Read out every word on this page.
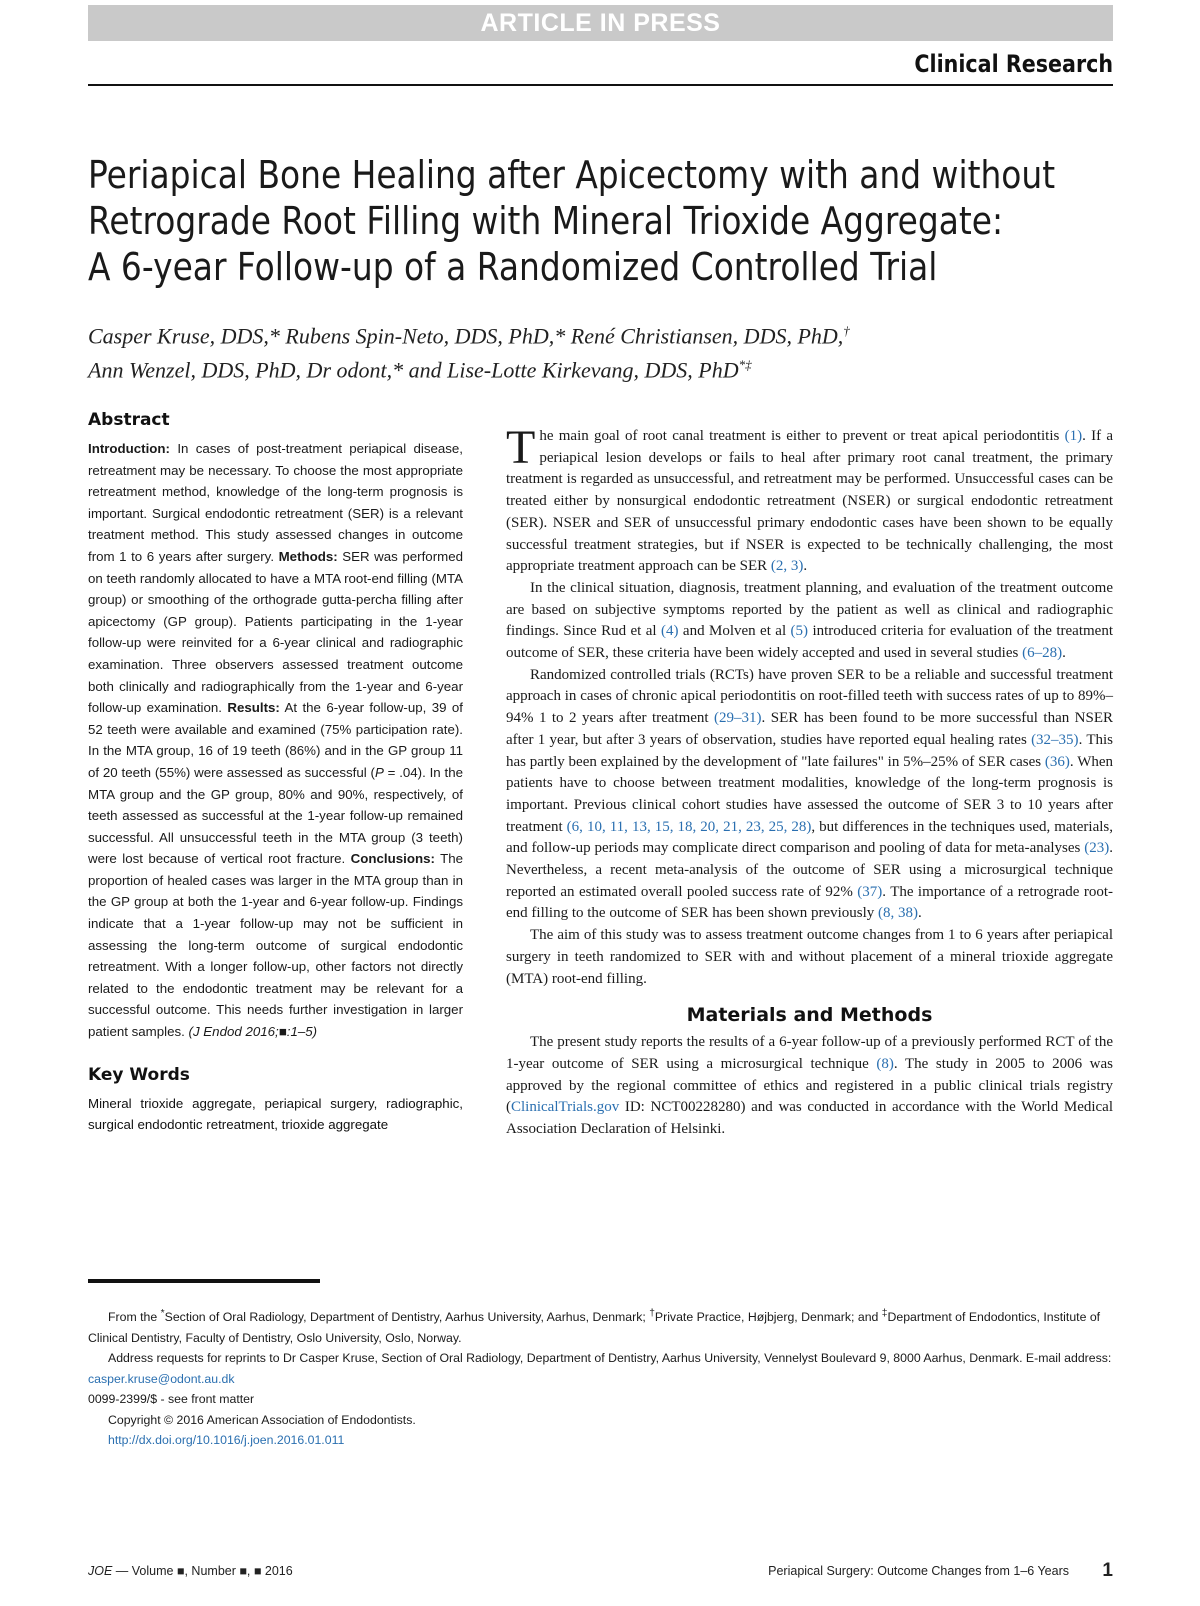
ARTICLE IN PRESS
Clinical Research
Periapical Bone Healing after Apicectomy with and without
Retrograde Root Filling with Mineral Trioxide Aggregate:
A 6-year Follow-up of a Randomized Controlled Trial
Casper Kruse, DDS,* Rubens Spin-Neto, DDS, PhD,* René Christiansen, DDS, PhD,†
Ann Wenzel, DDS, PhD, Dr odont,* and Lise-Lotte Kirkevang, DDS, PhD*‡
Abstract

Introduction: In cases of post-treatment periapical disease, retreatment may be necessary. To choose the most appropriate retreatment method, knowledge of the long-term prognosis is important. Surgical endodontic retreatment (SER) is a relevant treatment method. This study assessed changes in outcome from 1 to 6 years after surgery. Methods: SER was performed on teeth randomly allocated to have a MTA root-end filling (MTA group) or smoothing of the orthograde gutta-percha filling after apicectomy (GP group). Patients participating in the 1-year follow-up were reinvited for a 6-year clinical and radiographic examination. Three observers assessed treatment outcome both clinically and radiographically from the 1-year and 6-year follow-up examination. Results: At the 6-year follow-up, 39 of 52 teeth were available and examined (75% participation rate). In the MTA group, 16 of 19 teeth (86%) and in the GP group 11 of 20 teeth (55%) were assessed as successful (P = .04). In the MTA group and the GP group, 80% and 90%, respectively, of teeth assessed as successful at the 1-year follow-up remained successful. All unsuccessful teeth in the MTA group (3 teeth) were lost because of vertical root fracture. Conclusions: The proportion of healed cases was larger in the MTA group than in the GP group at both the 1-year and 6-year follow-up. Findings indicate that a 1-year follow-up may not be sufficient in assessing the long-term outcome of surgical endodontic retreatment. With a longer follow-up, other factors not directly related to the endodontic treatment may be relevant for a successful outcome. This needs further investigation in larger patient samples. (J Endod 2016;■:1–5)

Key Words

Mineral trioxide aggregate, periapical surgery, radiographic, surgical endodontic retreatment, trioxide aggregate

The main goal of root canal treatment is either to prevent or treat apical periodontitis (1). If a periapical lesion develops or fails to heal after primary root canal treatment, the primary treatment is regarded as unsuccessful, and retreatment may be performed. Unsuccessful cases can be treated either by nonsurgical endodontic retreatment (NSER) or surgical endodontic retreatment (SER). NSER and SER of unsuccessful primary endodontic cases have been shown to be equally successful treatment strategies, but if NSER is expected to be technically challenging, the most appropriate treatment approach can be SER (2, 3).

In the clinical situation, diagnosis, treatment planning, and evaluation of the treatment outcome are based on subjective symptoms reported by the patient as well as clinical and radiographic findings. Since Rud et al (4) and Molven et al (5) introduced criteria for evaluation of the treatment outcome of SER, these criteria have been widely accepted and used in several studies (6–28).

Randomized controlled trials (RCTs) have proven SER to be a reliable and successful treatment approach in cases of chronic apical periodontitis on root-filled teeth with success rates of up to 89%–94% 1 to 2 years after treatment (29–31). SER has been found to be more successful than NSER after 1 year, but after 3 years of observation, studies have reported equal healing rates (32–35). This has partly been explained by the development of "late failures" in 5%–25% of SER cases (36). When patients have to choose between treatment modalities, knowledge of the long-term prognosis is important. Previous clinical cohort studies have assessed the outcome of SER 3 to 10 years after treatment (6, 10, 11, 13, 15, 18, 20, 21, 23, 25, 28), but differences in the techniques used, materials, and follow-up periods may complicate direct comparison and pooling of data for meta-analyses (23). Nevertheless, a recent meta-analysis of the outcome of SER using a microsurgical technique reported an estimated overall pooled success rate of 92% (37). The importance of a retrograde root-end filling to the outcome of SER has been shown previously (8, 38).

The aim of this study was to assess treatment outcome changes from 1 to 6 years after periapical surgery in teeth randomized to SER with and without placement of a mineral trioxide aggregate (MTA) root-end filling.

Materials and Methods

The present study reports the results of a 6-year follow-up of a previously performed RCT of the 1-year outcome of SER using a microsurgical technique (8). The study in 2005 to 2006 was approved by the regional committee of ethics and registered in a public clinical trials registry (ClinicalTrials.gov ID: NCT00228280) and was conducted in accordance with the World Medical Association Declaration of Helsinki.

From the *Section of Oral Radiology, Department of Dentistry, Aarhus University, Aarhus, Denmark; †Private Practice, Højbjerg, Denmark; and ‡Department of Endodontics, Institute of Clinical Dentistry, Faculty of Dentistry, Oslo University, Oslo, Norway.

Address requests for reprints to Dr Casper Kruse, Section of Oral Radiology, Department of Dentistry, Aarhus University, Vennelyst Boulevard 9, 8000 Aarhus, Denmark. E-mail address: casper.kruse@odont.au.dk

0099-2399/$ - see front matter

Copyright © 2016 American Association of Endodontists.

http://dx.doi.org/10.1016/j.joen.2016.01.011

JOE — Volume ■, Number ■, ■ 2016	Periapical Surgery: Outcome Changes from 1–6 Years 1
